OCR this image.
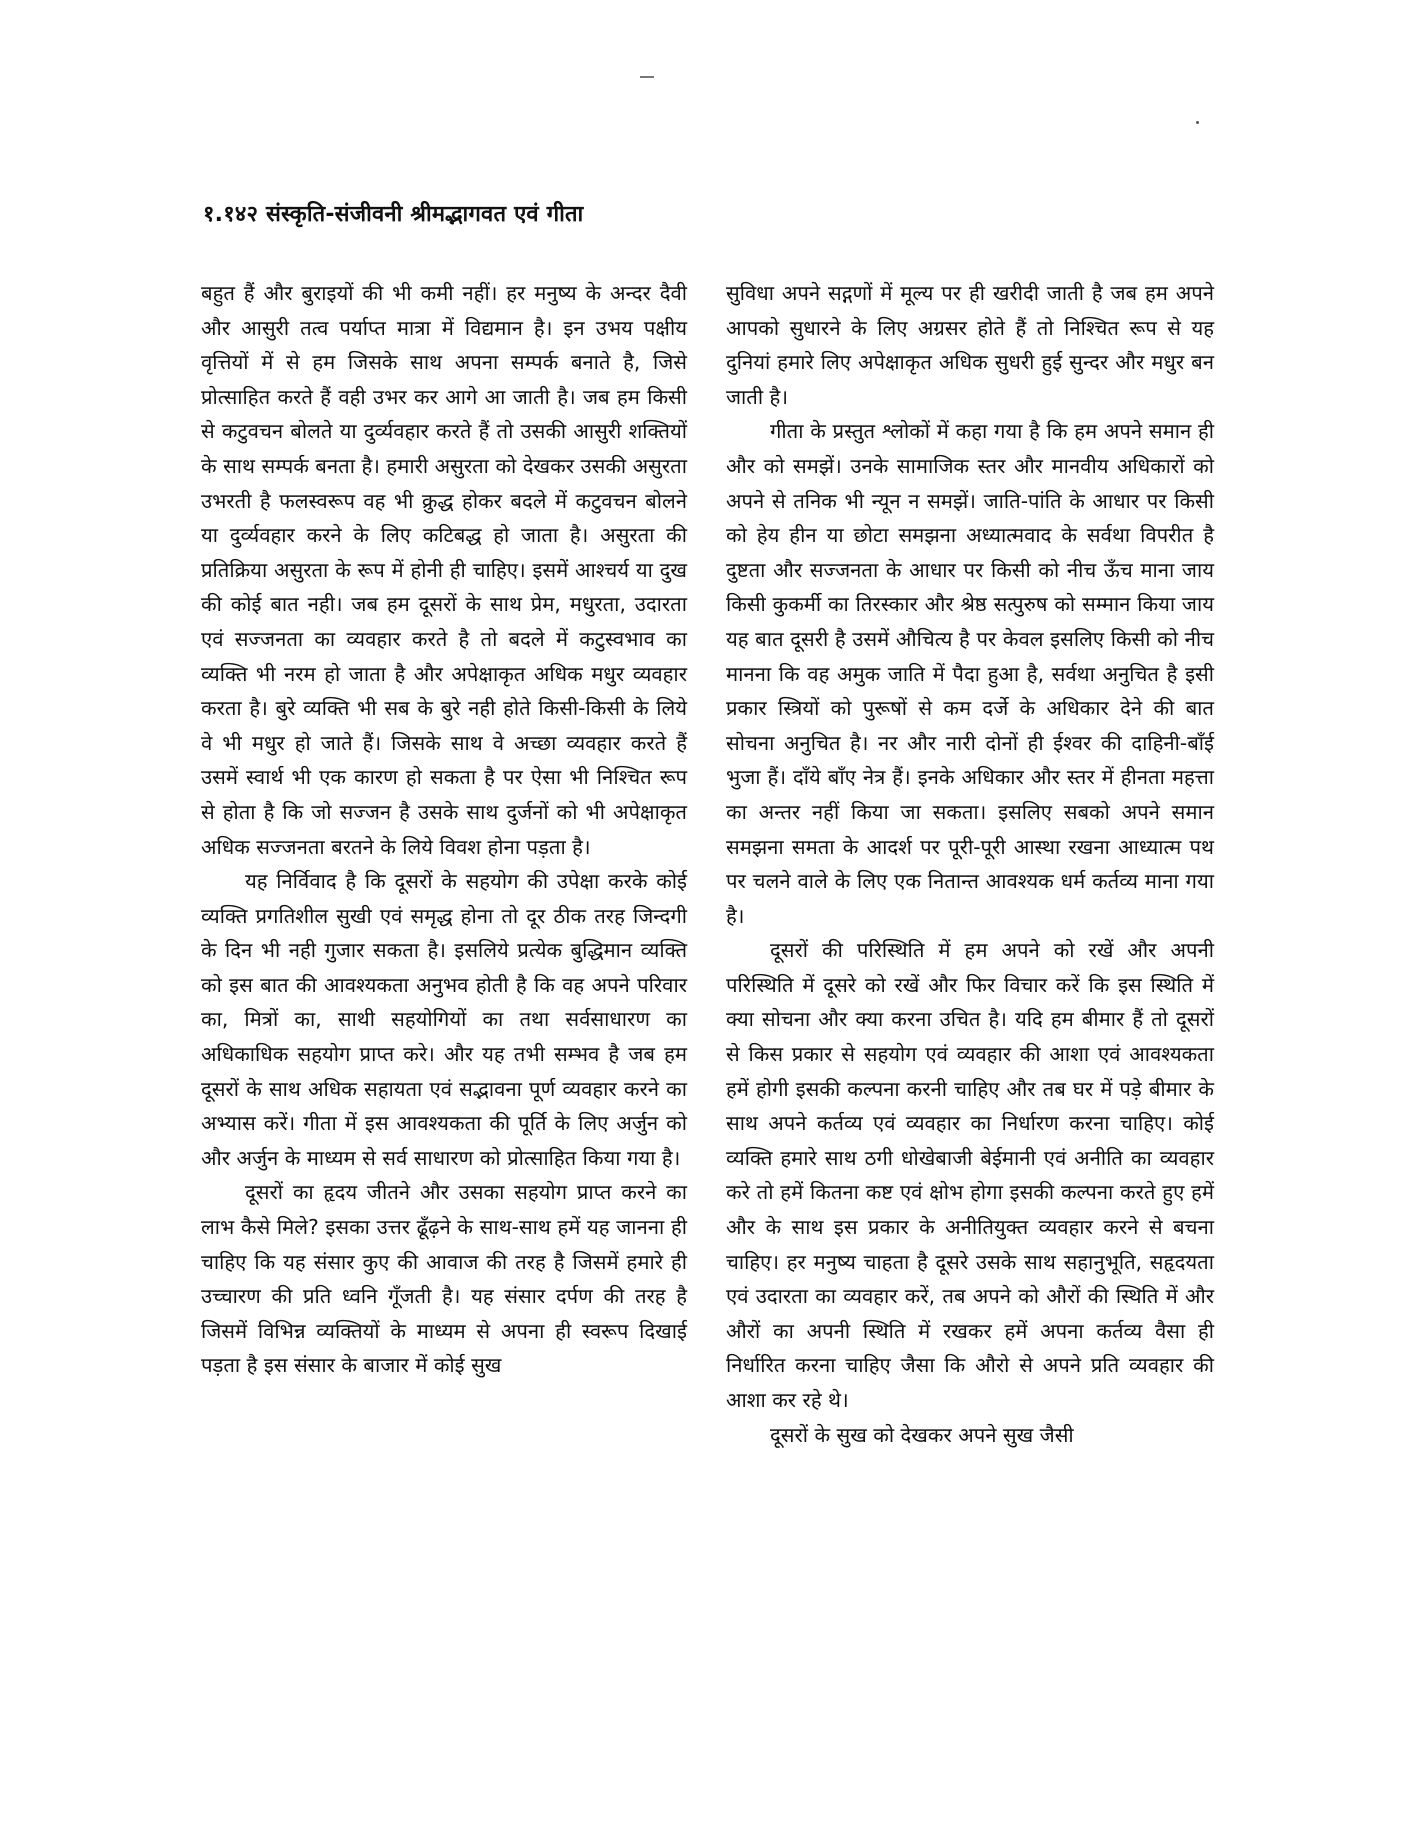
१.१४२ संस्कृति-संजीवनी श्रीमद्भागवत एवं गीता

बहुत हैं और बुराइयों की भी कमी नहीं। हर मनुष्य के अन्दर दैवी और आसुरी तत्व पर्याप्त मात्रा में विद्यमान है। इन उभय पक्षीय वृत्तियों में से हम जिसके साथ अपना सम्पर्क बनाते है, जिसे प्रोत्साहित करते हैं वही उभर कर आगे आ जाती है। जब हम किसी से कटुवचन बोलते या दुर्व्यवहार करते हैं तो उसकी आसुरी शक्तियों के साथ सम्पर्क बनता है। हमारी असुरता को देखकर उसकी असुरता उभरती है फलस्वरूप वह भी क्रुद्ध होकर बदले में कटुवचन बोलने या दुर्व्यवहार करने के लिए कटिबद्ध हो जाता है। असुरता की प्रतिक्रिया असुरता के रूप में होनी ही चाहिए। इसमें आश्चर्य या दुख की कोई बात नही। जब हम दूसरों के साथ प्रेम, मधुरता, उदारता एवं सज्जनता का व्यवहार करते है तो बदले में कटुस्वभाव का व्यक्ति भी नरम हो जाता है और अपेक्षाकृत अधिक मधुर व्यवहार करता है। बुरे व्यक्ति भी सब के बुरे नही होते किसी-किसी के लिये वे भी मधुर हो जाते हैं। जिसके साथ वे अच्छा व्यवहार करते हैं उसमें स्वार्थ भी एक कारण हो सकता है पर ऐसा भी निश्चित रूप से होता है कि जो सज्जन है उसके साथ दुर्जनों को भी अपेक्षाकृत अधिक सज्जनता बरतने के लिये विवश होना पड़ता है।

यह निर्विवाद है कि दूसरों के सहयोग की उपेक्षा करके कोई व्यक्ति प्रगतिशील सुखी एवं समृद्ध होना तो दूर ठीक तरह जिन्दगी के दिन भी नही गुजार सकता है। इसलिये प्रत्येक बुद्धिमान व्यक्ति को इस बात की आवश्यकता अनुभव होती है कि वह अपने परिवार का, मित्रों का, साथी सहयोगियों का तथा सर्वसाधारण का अधिकाधिक सहयोग प्राप्त करे। और यह तभी सम्भव है जब हम दूसरों के साथ अधिक सहायता एवं सद्भावना पूर्ण व्यवहार करने का अभ्यास करें। गीता में इस आवश्यकता की पूर्ति के लिए अर्जुन को और अर्जुन के माध्यम से सर्व साधारण को प्रोत्साहित किया गया है।

दूसरों का हृदय जीतने और उसका सहयोग प्राप्त करने का लाभ कैसे मिले? इसका उत्तर ढूँढ़ने के साथ-साथ हमें यह जानना ही चाहिए कि यह संसार कुए की आवाज की तरह है जिसमें हमारे ही उच्चारण की प्रति ध्वनि गूँजती है। यह संसार दर्पण की तरह है जिसमें विभिन्न व्यक्तियों के माध्यम से अपना ही स्वरूप दिखाई पड़ता है इस संसार के बाजार में कोई सुख

सुविधा अपने सद्गणों में मूल्य पर ही खरीदी जाती है जब हम अपने आपको सुधारने के लिए अग्रसर होते हैं तो निश्चित रूप से यह दुनियां हमारे लिए अपेक्षाकृत अधिक सुधरी हुई सुन्दर और मधुर बन जाती है।

गीता के प्रस्तुत श्लोकों में कहा गया है कि हम अपने समान ही और को समझें। उनके सामाजिक स्तर और मानवीय अधिकारों को अपने से तनिक भी न्यून न समझें। जाति-पांति के आधार पर किसी को हेय हीन या छोटा समझना अध्यात्मवाद के सर्वथा विपरीत है दुष्टता और सज्जनता के आधार पर किसी को नीच ऊँच माना जाय किसी कुकर्मी का तिरस्कार और श्रेष्ठ सत्पुरुष को सम्मान किया जाय यह बात दूसरी है उसमें औचित्य है पर केवल इसलिए किसी को नीच मानना कि वह अमुक जाति में पैदा हुआ है, सर्वथा अनुचित है इसी प्रकार स्त्रियों को पुरूषों से कम दर्जे के अधिकार देने की बात सोचना अनुचित है। नर और नारी दोनों ही ईश्वर की दाहिनी-बाँई भुजा हैं। दाँये बाँए नेत्र हैं। इनके अधिकार और स्तर में हीनता महत्ता का अन्तर नहीं किया जा सकता। इसलिए सबको अपने समान समझना समता के आदर्श पर पूरी-पूरी आस्था रखना आध्यात्म पथ पर चलने वाले के लिए एक नितान्त आवश्यक धर्म कर्तव्य माना गया है।

दूसरों की परिस्थिति में हम अपने को रखें और अपनी परिस्थिति में दूसरे को रखें और फिर विचार करें कि इस स्थिति में क्या सोचना और क्या करना उचित है। यदि हम बीमार हैं तो दूसरों से किस प्रकार से सहयोग एवं व्यवहार की आशा एवं आवश्यकता हमें होगी इसकी कल्पना करनी चाहिए और तब घर में पड़े बीमार के साथ अपने कर्तव्य एवं व्यवहार का निर्धारण करना चाहिए। कोई व्यक्ति हमारे साथ ठगी धोखेबाजी बेईमानी एवं अनीति का व्यवहार करे तो हमें कितना कष्ट एवं क्षोभ होगा इसकी कल्पना करते हुए हमें और के साथ इस प्रकार के अनीतियुक्त व्यवहार करने से बचना चाहिए। हर मनुष्य चाहता है दूसरे उसके साथ सहानुभूति, सहृदयता एवं उदारता का व्यवहार करें, तब अपने को औरों की स्थिति में और औरों का अपनी स्थिति में रखकर हमें अपना कर्तव्य वैसा ही निर्धारित करना चाहिए जैसा कि औरो से अपने प्रति व्यवहार की आशा कर रहे थे।

दूसरों के सुख को देखकर अपने सुख जैसी
